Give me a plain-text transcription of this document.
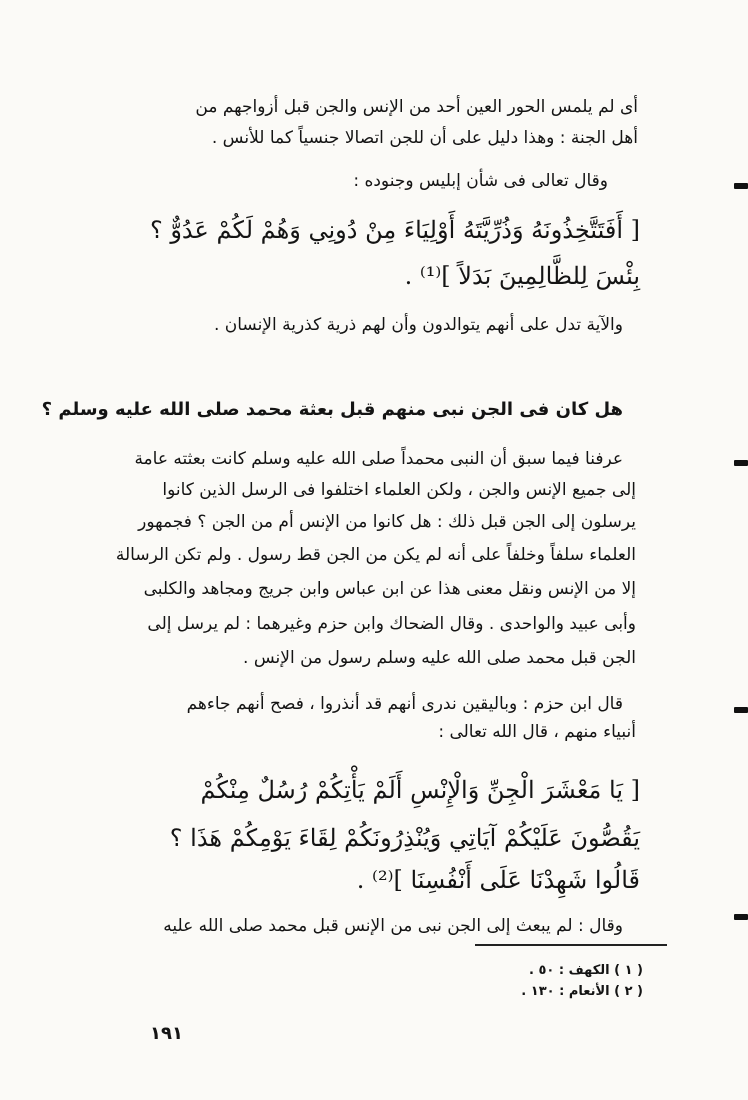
أى لم يلمس الحور العين أحد من الإنس والجن قبل أزواجهم من
أهل الجنة : وهذا دليل على أن للجن اتصالا جنسياً كما للأنس .
وقال تعالى فى شأن إبليس وجنوده :
[ أَفَتَتَّخِذُونَهُ وَذُرِّيَّتَهُ أَوْلِيَاءَ مِنْ دُونِي وَهُمْ لَكُمْ عَدُوٌّ ؟
بِئْسَ لِلظَّالِمِينَ بَدَلاً ]⁽¹⁾ .
والآية تدل على أنهم يتوالدون وأن لهم ذرية كذرية الإنسان .
هل كان فى الجن نبى منهم قبل بعثة محمد صلى الله عليه وسلم ؟
عرفنا فيما سبق أن النبى محمداً صلى الله عليه وسلم كانت بعثته عامة
إلى جميع الإنس والجن ، ولكن العلماء اختلفوا فى الرسل الذين كانوا
يرسلون إلى الجن قبل ذلك : هل كانوا من الإنس أم من الجن ؟ فجمهور
العلماء سلفاً وخلفاً على أنه لم يكن من الجن قط رسول . ولم تكن الرسالة
إلا من الإنس ونقل معنى هذا عن ابن عباس وابن جريج ومجاهد والكلبى
وأبى عبيد والواحدى . وقال الضحاك وابن حزم وغيرهما : لم يرسل إلى
الجن قبل محمد صلى الله عليه وسلم رسول من الإنس .
قال ابن حزم : وباليقين ندرى أنهم قد أنذروا ، فصح أنهم جاءهم
أنبياء منهم ، قال الله تعالى :
[ يَا مَعْشَرَ الْجِنِّ وَالْإِنْسِ أَلَمْ يَأْتِكُمْ رُسُلٌ مِنْكُمْ
يَقُصُّونَ عَلَيْكُمْ آيَاتِي وَيُنْذِرُونَكُمْ لِقَاءَ يَوْمِكُمْ هَذَا ؟
قَالُوا شَهِدْنَا عَلَى أَنْفُسِنَا ]⁽²⁾ .
وقال : لم يبعث إلى الجن نبى من الإنس قبل محمد صلى الله عليه
( ١ ) الكهف : ٥٠ .
( ٢ ) الأنعام : ١٣٠ .
١٩١
